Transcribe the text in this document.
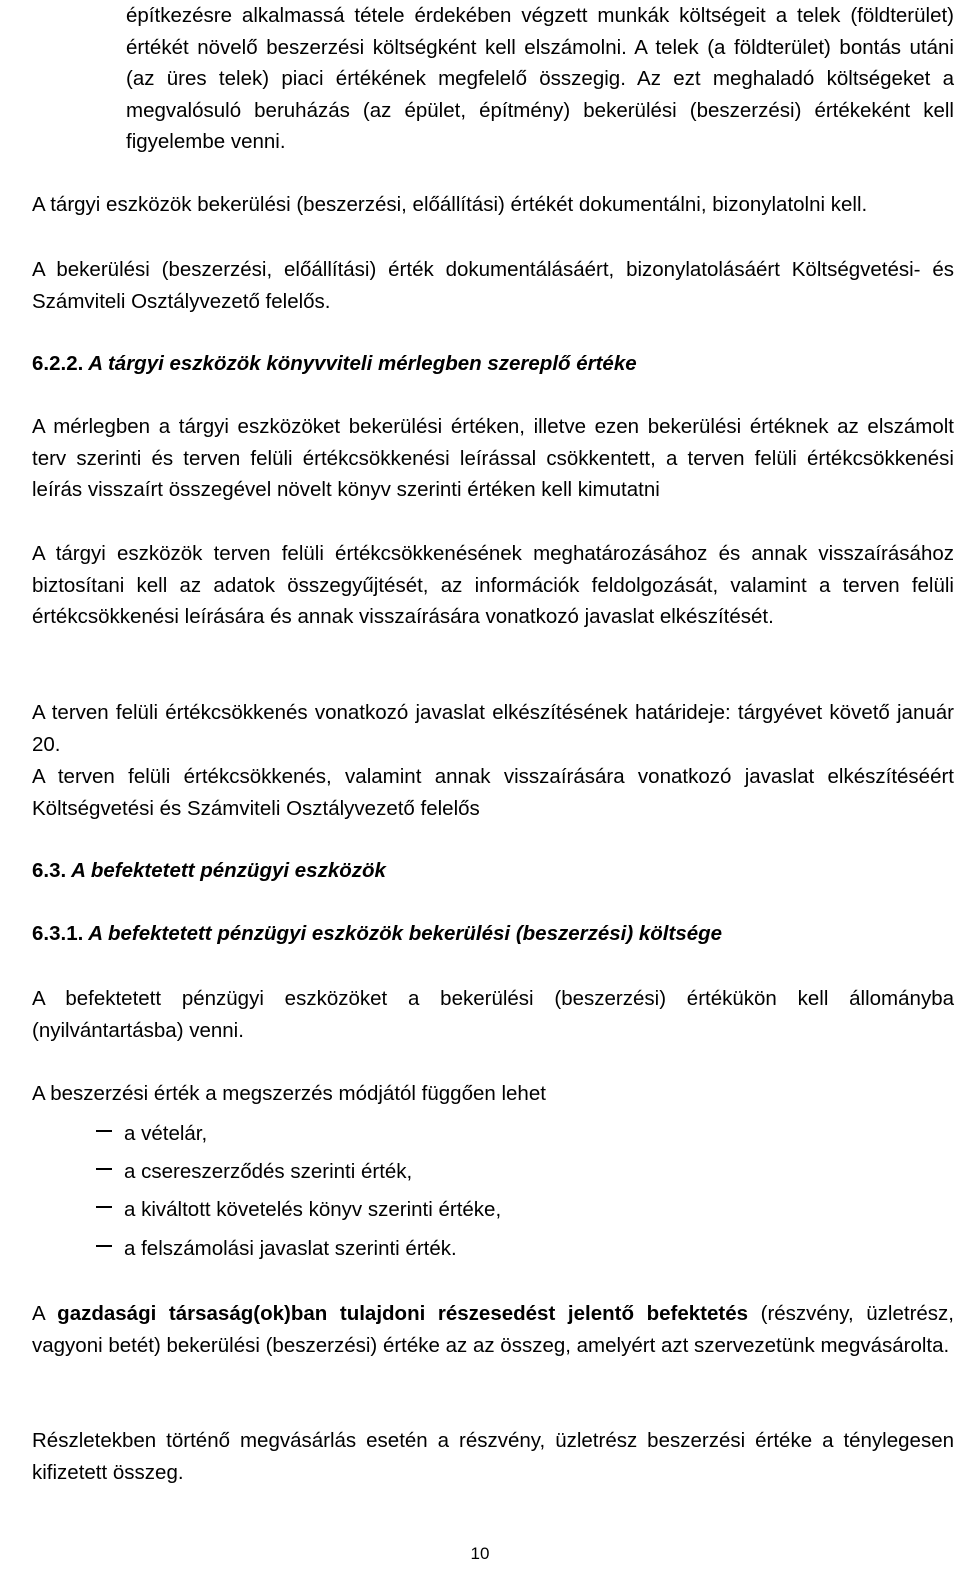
építkezésre alkalmassá tétele érdekében végzett munkák költségeit a telek (földterület) értékét növelő beszerzési költségként kell elszámolni. A telek (a földterület) bontás utáni (az üres telek) piaci értékének megfelelő összegig. Az ezt meghaladó költségeket a megvalósuló beruházás (az épület, építmény) bekerülési (beszerzési) értékeként kell figyelembe venni.

A tárgyi eszközök bekerülési (beszerzési, előállítási) értékét dokumentálni, bizonylatolni kell.

A bekerülési (beszerzési, előállítási) érték dokumentálásáért, bizonylatolásáért Költségvetési- és Számviteli Osztályvezető felelős.

6.2.2. A tárgyi eszközök könyvviteli mérlegben szereplő értéke

A mérlegben a tárgyi eszközöket bekerülési értéken, illetve ezen bekerülési értéknek az elszámolt terv szerinti és terven felüli értékcsökkenési leírással csökkentett, a terven felüli értékcsökkenési leírás visszaírt összegével növelt könyv szerinti értéken kell kimutatni

A tárgyi eszközök terven felüli értékcsökkenésének meghatározásához és annak visszaírásához biztosítani kell az adatok összegyűjtését, az információk feldolgozását, valamint a terven felüli értékcsökkenési leírására és annak visszaírására vonatkozó javaslat elkészítését.

A terven felüli értékcsökkenés vonatkozó javaslat elkészítésének határideje: tárgyévet követő január 20.

A terven felüli értékcsökkenés, valamint annak visszaírására vonatkozó javaslat elkészítéséért Költségvetési és Számviteli Osztályvezető felelős

6.3. A befektetett pénzügyi eszközök
6.3.1. A befektetett pénzügyi eszközök bekerülési (beszerzési) költsége

A befektetett pénzügyi eszközöket a bekerülési (beszerzési) értékükön kell állományba (nyilvántartásba) venni.

A beszerzési érték a megszerzés módjától függően lehet

a vételár,
a csereszerződés szerinti érték,
a kiváltott követelés könyv szerinti értéke,
a felszámolási javaslat szerinti érték.

A gazdasági társaság(ok)ban tulajdoni részesedést jelentő befektetés (részvény, üzletrész, vagyoni betét) bekerülési (beszerzési) értéke az az összeg, amelyért azt szervezetünk megvásárolta.

Részletekben történő megvásárlás esetén a részvény, üzletrész beszerzési értéke a ténylegesen kifizetett összeg.

10
